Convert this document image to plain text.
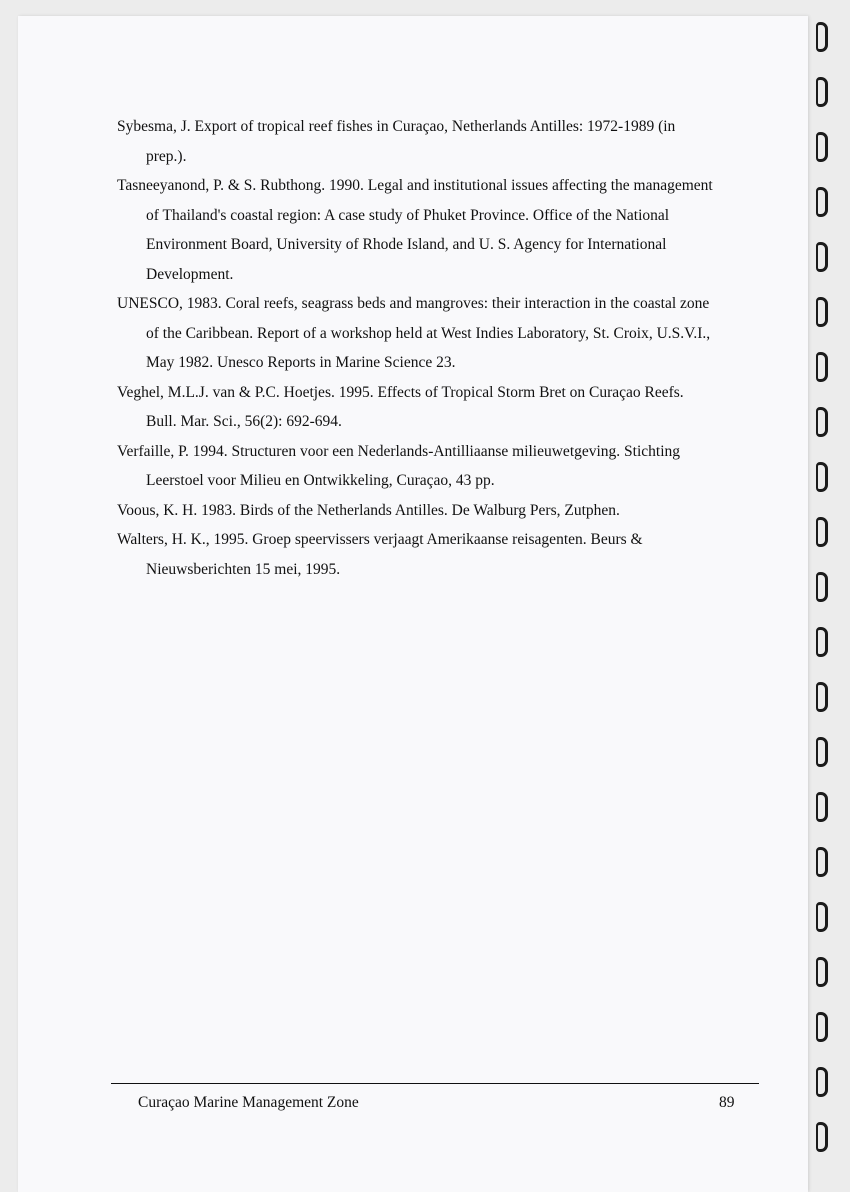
Sybesma, J. Export of tropical reef fishes in Curaçao, Netherlands Antilles: 1972-1989 (in prep.).

Tasneeyanond, P. & S. Rubthong. 1990. Legal and institutional issues affecting the management of Thailand's coastal region: A case study of Phuket Province. Office of the National Environment Board, University of Rhode Island, and U. S. Agency for International Development.

UNESCO, 1983. Coral reefs, seagrass beds and mangroves: their interaction in the coastal zone of the Caribbean. Report of a workshop held at West Indies Laboratory, St. Croix, U.S.V.I., May 1982. Unesco Reports in Marine Science 23.

Veghel, M.L.J. van & P.C. Hoetjes. 1995. Effects of Tropical Storm Bret on Curaçao Reefs. Bull. Mar. Sci., 56(2): 692-694.

Verfaille, P. 1994. Structuren voor een Nederlands-Antilliaanse milieuwetgeving. Stichting Leerstoel voor Milieu en Ontwikkeling, Curaçao, 43 pp.

Voous, K. H. 1983. Birds of the Netherlands Antilles. De Walburg Pers, Zutphen.

Walters, H. K., 1995. Groep speervissers verjaagt Amerikaanse reisagenten. Beurs & Nieuwsberichten 15 mei, 1995.

Curaçao Marine Management Zone	89
